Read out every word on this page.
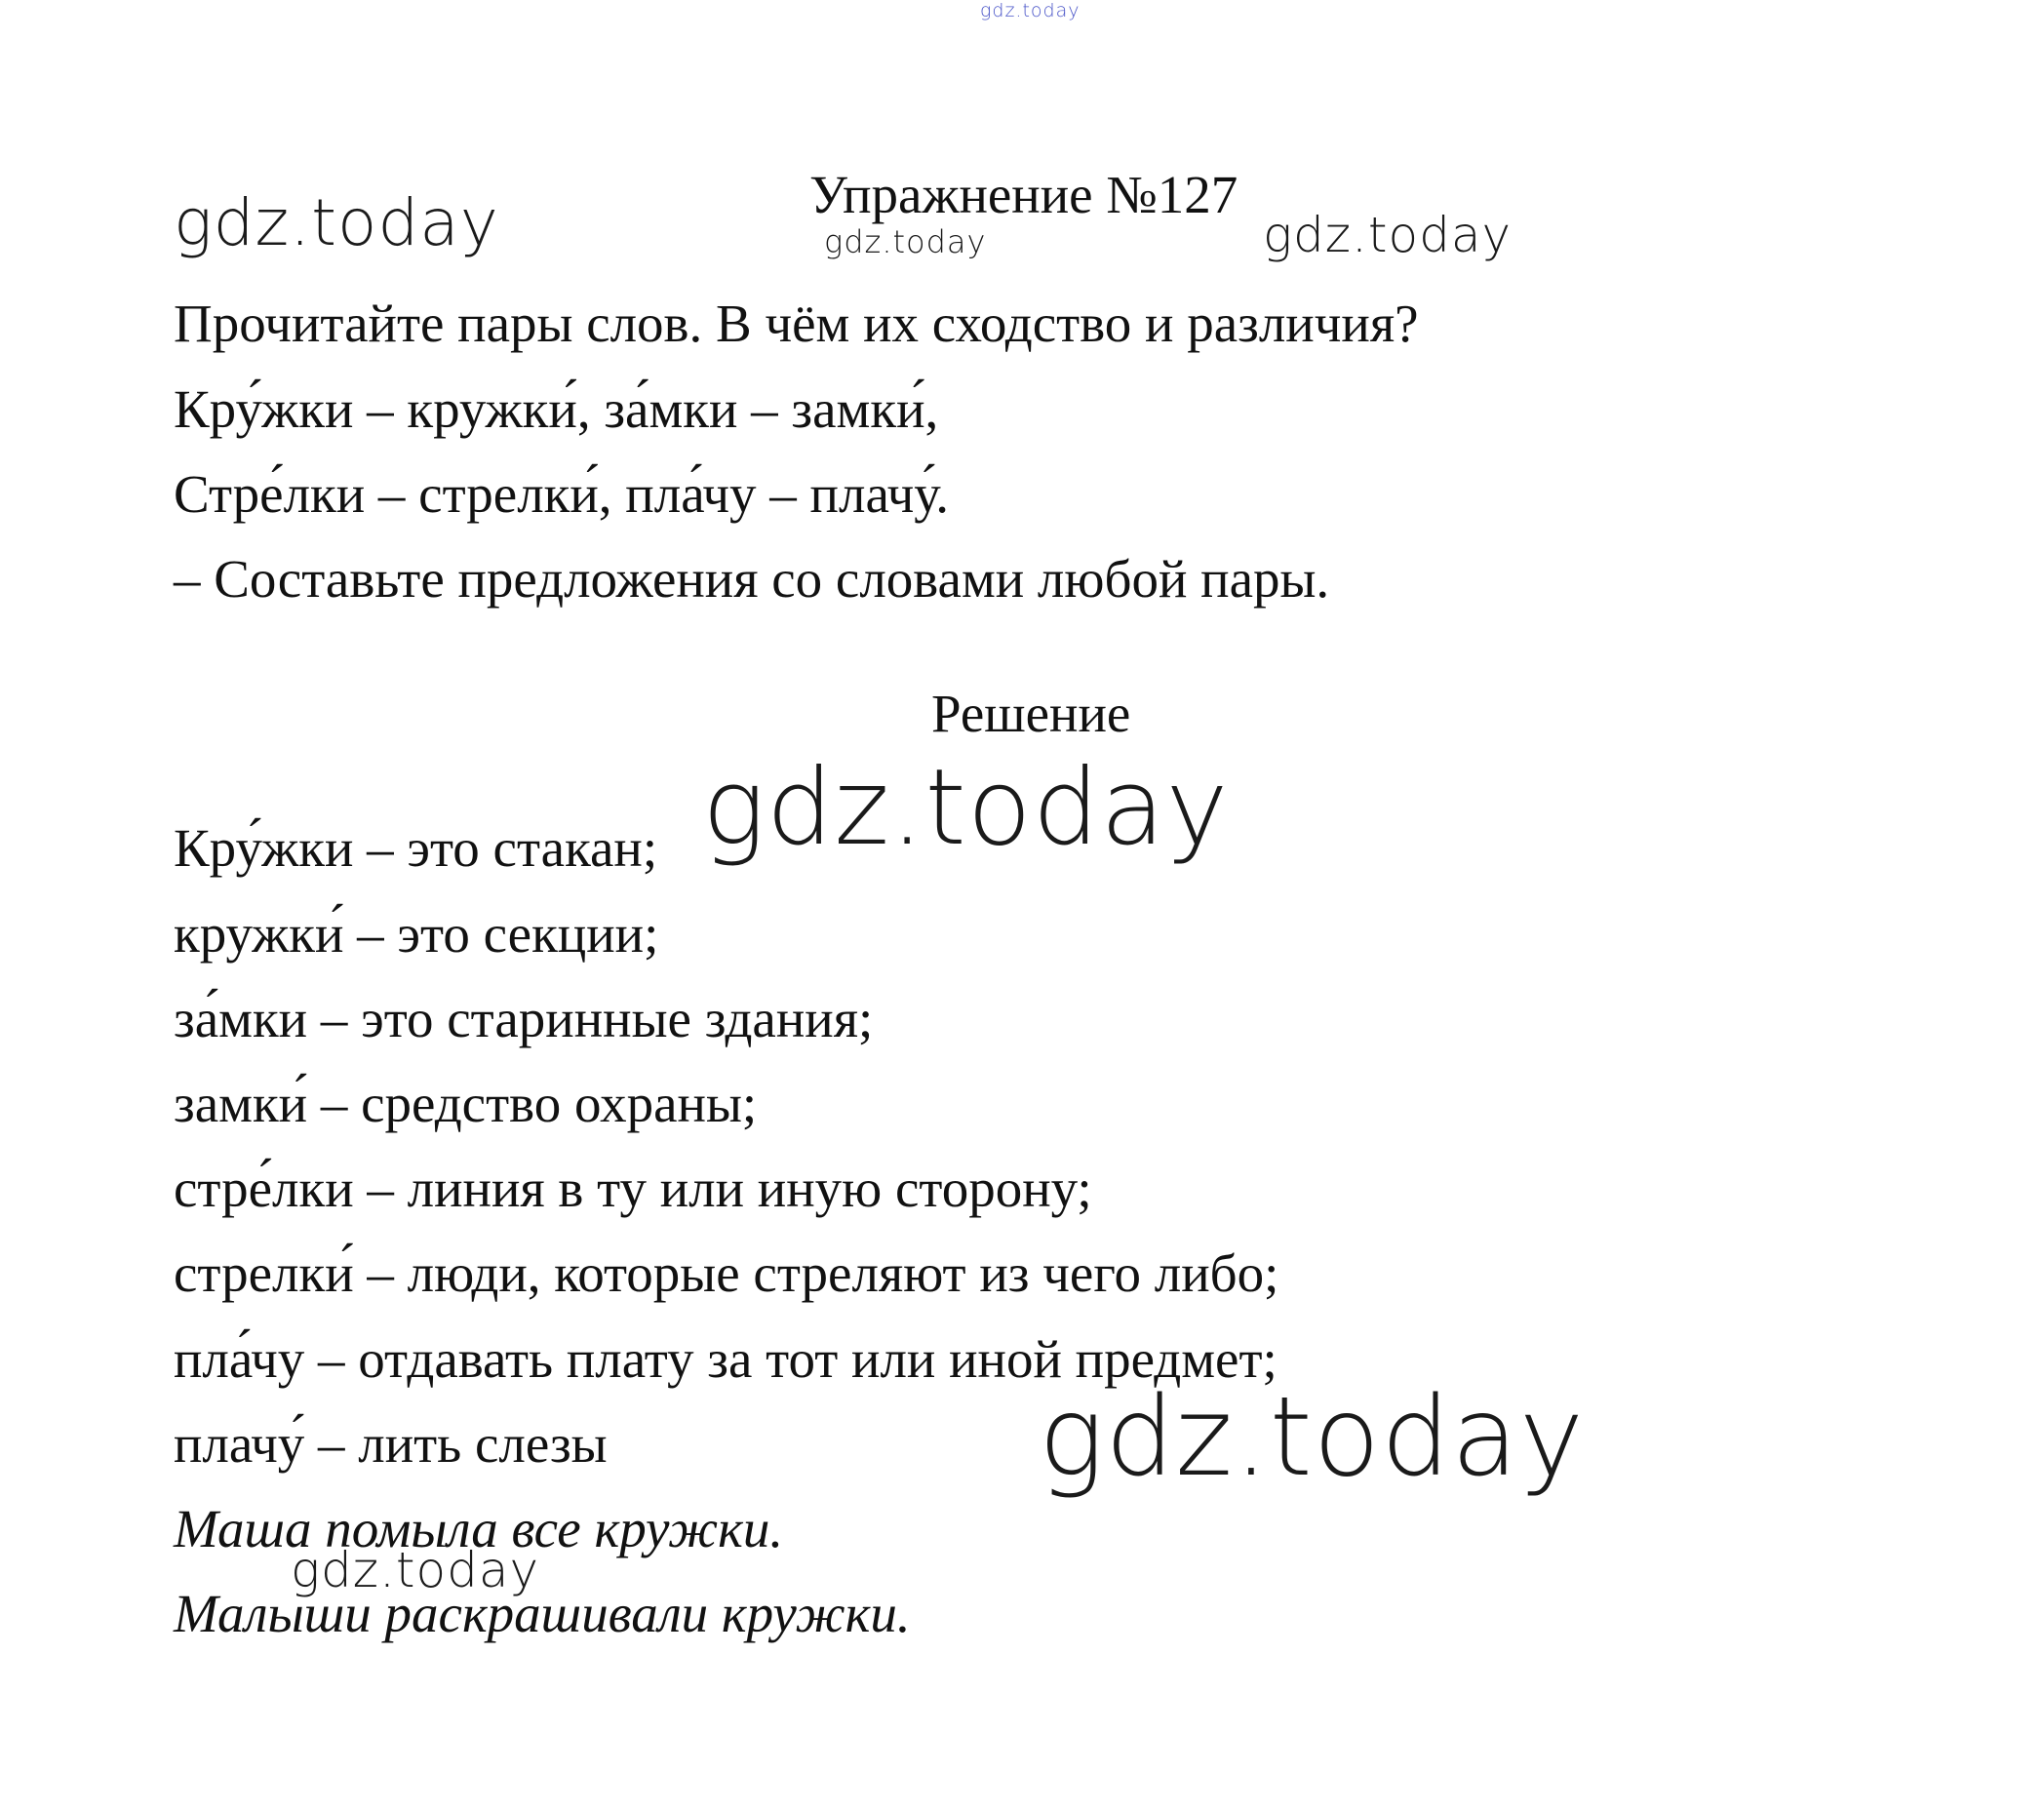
gdz.today
Упражнение №127
gdz.today	gdz.today	gdz.today
Прочитайте пары слов. В чём их сходство и различия?
Кру́жки – кружки́, за́мки – замки́,
Стре́лки – стрелки́, пла́чу – плачу́.
– Составьте предложения со словами любой пары.
Решение
Кру́жки – это стакан; gdz.today
кружки́ – это секции;
за́мки – это старинные здания;
замки́ – средство охраны;
стре́лки – линия в ту или иную сторону;
стрелки́ – люди, которые стреляют из чего либо;
пла́чу – отдавать плату за тот или иной предмет;
плачу́ – лить слезы	gdz.today
Маша помыла все кружки.
gdz.today
Малыши раскрашивали кружки.
